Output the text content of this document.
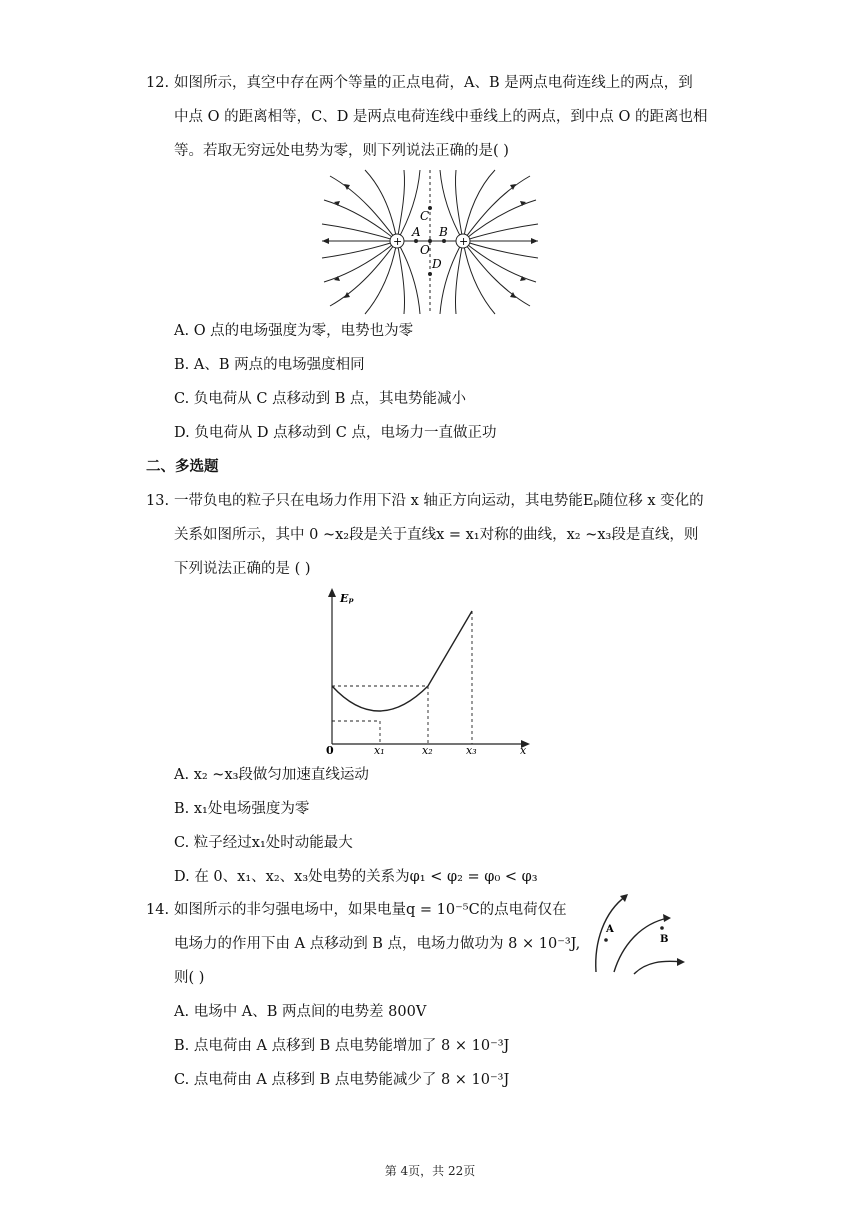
12. 如图所示，真空中存在两个等量的正点电荷，A、B 是两点电荷连线上的两点，到
中点 O 的距离相等，C、D 是两点电荷连线中垂线上的两点，到中点 O 的距离也相
等。若取无穷远处电势为零，则下列说法正确的是( )
+	+
C
A B
O
D
A. O 点的电场强度为零，电势也为零
B. A、B 两点的电场强度相同
C. 负电荷从 C 点移动到 B 点，其电势能减小
D. 负电荷从 D 点移动到 C 点，电场力一直做正功
二、多选题
13. 一带负电的粒子只在电场力作用下沿 x 轴正方向运动，其电势能Eₚ随位移 x 变化的
关系如图所示，其中 0 ~x₂段是关于直线x = x₁对称的曲线，x₂ ~x₃段是直线，则
下列说法正确的是 ( )
Eₚ
0	x₁	x₂	x₃	x
A. x₂ ~x₃段做匀加速直线运动
B. x₁处电场强度为零
C. 粒子经过x₁处时动能最大
D. 在 0、x₁、x₂、x₃处电势的关系为φ₁ < φ₂ = φ₀ < φ₃
14. 如图所示的非匀强电场中，如果电量q = 10⁻⁵C的点电荷仅在
电场力的作用下由 A 点移动到 B 点，电场力做功为 8 × 10⁻³J,
则( )
A
B
A. 电场中 A、B 两点间的电势差 800V
B. 点电荷由 A 点移到 B 点电势能增加了 8 × 10⁻³J
C. 点电荷由 A 点移到 B 点电势能减少了 8 × 10⁻³J
第 4页，共 22页
